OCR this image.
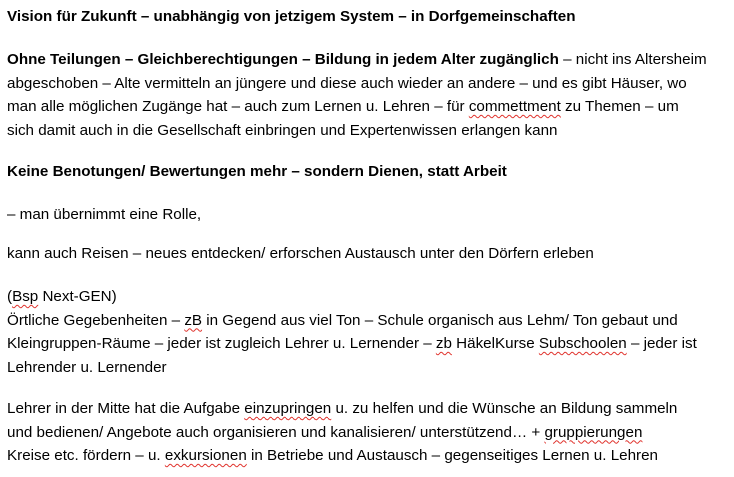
Vision für Zukunft – unabhängig von jetzigem System – in Dorfgemeinschaften
Ohne Teilungen – Gleichberechtigungen – Bildung in jedem Alter zugänglich – nicht ins Altersheim
abgeschoben – Alte vermitteln an jüngere und diese auch wieder an andere – und es gibt Häuser, wo
man alle möglichen Zugänge hat – auch zum Lernen u. Lehren – für commettment zu Themen – um
sich damit auch in die Gesellschaft einbringen und Expertenwissen erlangen kann
Keine Benotungen/ Bewertungen mehr – sondern Dienen, statt Arbeit
– man übernimmt eine Rolle,
kann auch Reisen – neues entdecken/ erforschen Austausch unter den Dörfern erleben
(Bsp Next-GEN)
Örtliche Gegebenheiten – zB in Gegend aus viel Ton – Schule organisch aus Lehm/ Ton gebaut und
Kleingruppen-Räume – jeder ist zugleich Lehrer u. Lernender – zb HäkelKurse Subschoolen – jeder ist
Lehrender u. Lernender
Lehrer in der Mitte hat die Aufgabe einzupringen u. zu helfen und die Wünsche an Bildung sammeln
und bedienen/ Angebote auch organisieren und kanalisieren/ unterstützend… + gruppierungen
Kreise etc. fördern – u. exkursionen in Betriebe und Austausch – gegenseitiges Lernen u. Lehren
